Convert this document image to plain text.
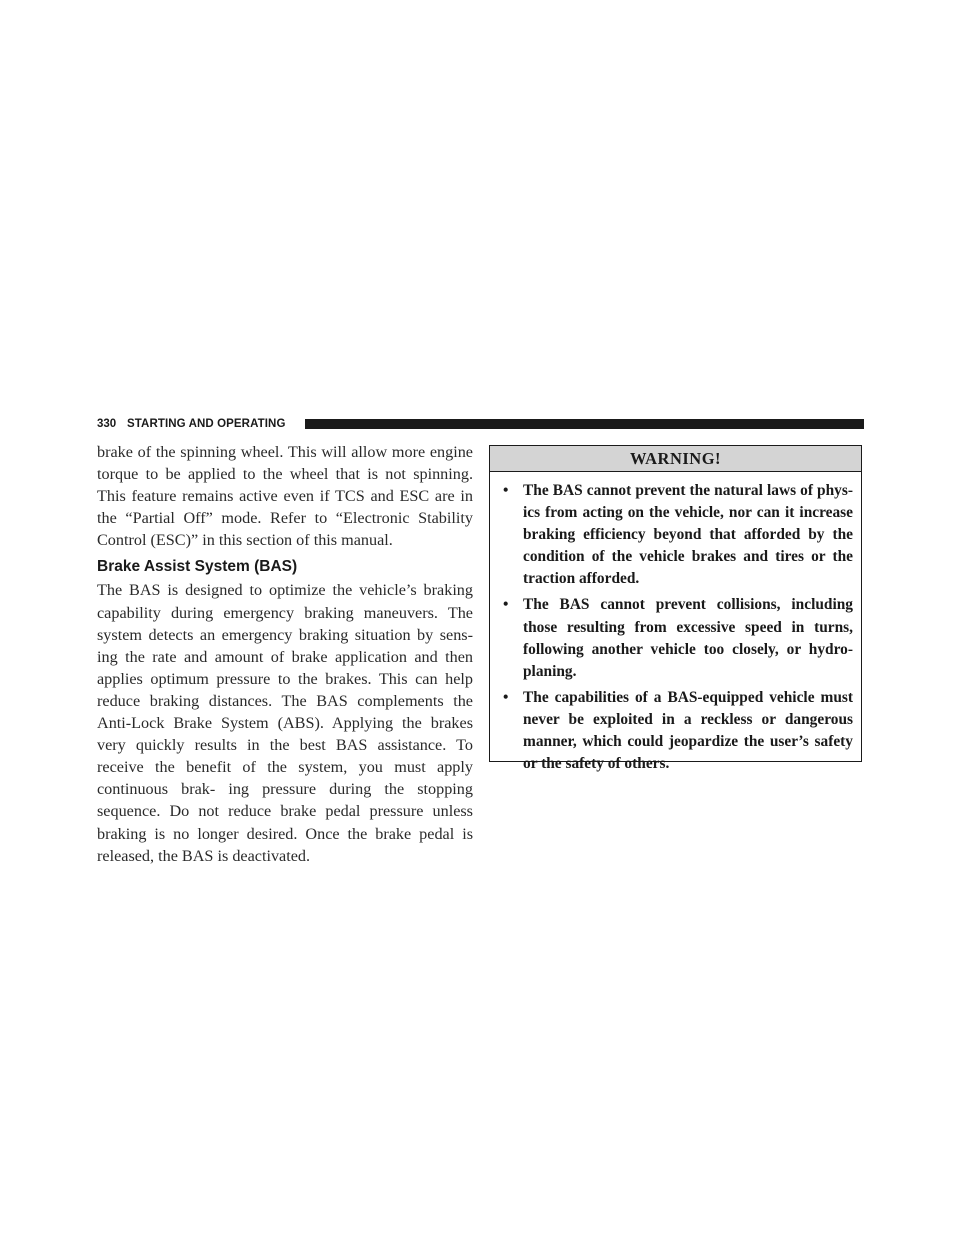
330 STARTING AND OPERATING

brake of the spinning wheel. This will allow more engine torque to be applied to the wheel that is not spinning. This feature remains active even if TCS and ESC are in the “Partial Off” mode. Refer to “Electronic Stability Control (ESC)” in this section of this manual.

Brake Assist System (BAS)

The BAS is designed to optimize the vehicle’s braking capability during emergency braking maneuvers. The system detects an emergency braking situation by sens- ing the rate and amount of brake application and then applies optimum pressure to the brakes. This can help reduce braking distances. The BAS complements the Anti-Lock Brake System (ABS). Applying the brakes very quickly results in the best BAS assistance. To receive the benefit of the system, you must apply continuous brak- ing pressure during the stopping sequence. Do not reduce brake pedal pressure unless braking is no longer desired. Once the brake pedal is released, the BAS is deactivated.

WARNING!
• The BAS cannot prevent the natural laws of phys- ics from acting on the vehicle, nor can it increase braking efficiency beyond that afforded by the condition of the vehicle brakes and tires or the traction afforded.
• The BAS cannot prevent collisions, including those resulting from excessive speed in turns, following another vehicle too closely, or hydro- planing.
• The capabilities of a BAS-equipped vehicle must never be exploited in a reckless or dangerous manner, which could jeopardize the user’s safety or the safety of others.
